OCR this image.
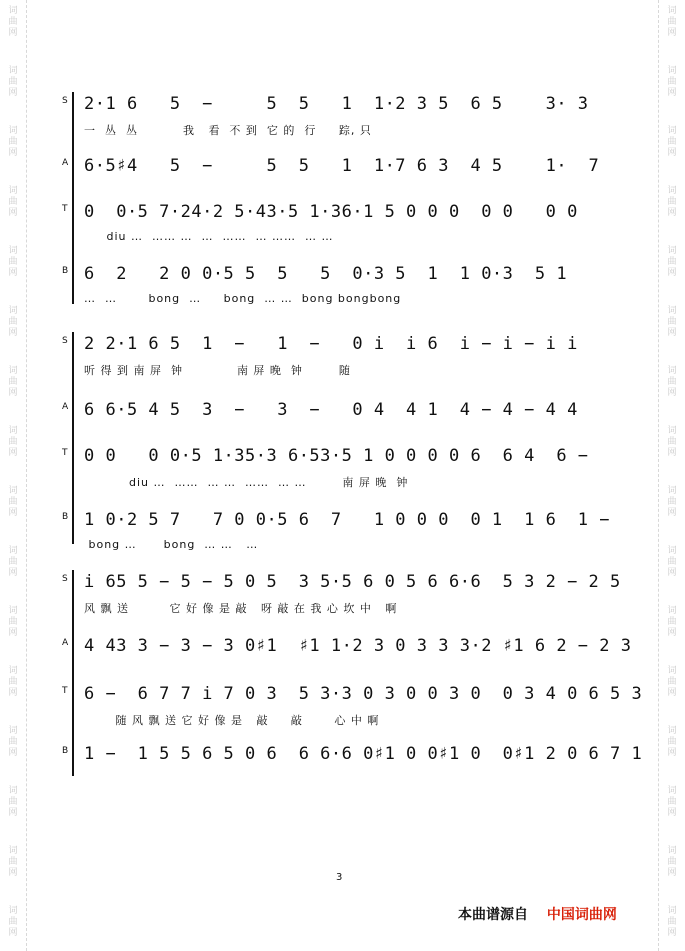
词
曲
网
词
曲
网
词
曲
网
词
曲
网
词
曲
网
词
曲
网
词
曲
网
词
曲
网
词
曲
网
词
曲
网
词
曲
网
词
曲
网
词
曲
网
词
曲
网
词
曲
网
词
曲
网
词
曲
网
词
曲
网
词
曲
网
词
曲
网
词
曲
网
词
曲
网
词
曲
网
词
曲
网
词
曲
网
词
曲
网
词
曲
网
词
曲
网
词
曲
网
词
曲
网
词
曲
网
词
曲
网
S 2·1 6   5  −     5  5   1  1·2 3 5  6 5    3· 3
一  丛  丛          我   看  不 到  它 的  行     踪, 只
A 6·5♯4   5  −     5  5   1  1·7 6 3  4 5    1·  7
T 0  0·5 7·24·2 5·43·5 1·36·1 5 0 0 0  0 0   0 0
diu …  …… …  …  ……  … ……  … …
B 6  2   2 0 0·5 5  5   5  0·3 5  1  1 0·3  5 1
…  …       bong  …     bong  … …  bong bongbong
S 2 2·1 6 5  1  −   1  −   0 i  i 6  i − i − i i
听 得 到 南 屏  钟            南 屏 晚  钟        随
A 6 6·5 4 5  3  −   3  −   0 4  4 1  4 − 4 − 4 4
T 0 0   0 0·5 1·35·3 6·53·5 1 0 0 0 0 6  6 4  6 −
diu …  ……  … …  ……  … …        南 屏 晚  钟
B 1 0·2 5 7   7 0 0·5 6  7   1 0 0 0  0 1  1 6  1 −
bong …      bong  … …   …
S i 65 5 − 5 − 5 0 5  3 5·5 6 0 5 6 6·6  5 3 2 − 2 5
风 飘 送         它 好 像 是 敲   呀 敲 在 我 心 坎 中   啊
A 4 43 3 − 3 − 3 0♯1  ♯1 1·2 3 0 3 3 3·2 ♯1 6 2 − 2 3
T 6 −  6 7 7 i 7 0 3  5 3·3 0 3 0 0 3 0  0 3 4 0 6 5 3
随 风 飘 送 它 好 像 是   敲     敲       心 中 啊
B 1 −  1 5 5 6 5 0 6  6 6·6 0♯1 0 0♯1 0  0♯1 2 0 6 7 1
3
本曲谱源自 中国词曲网
